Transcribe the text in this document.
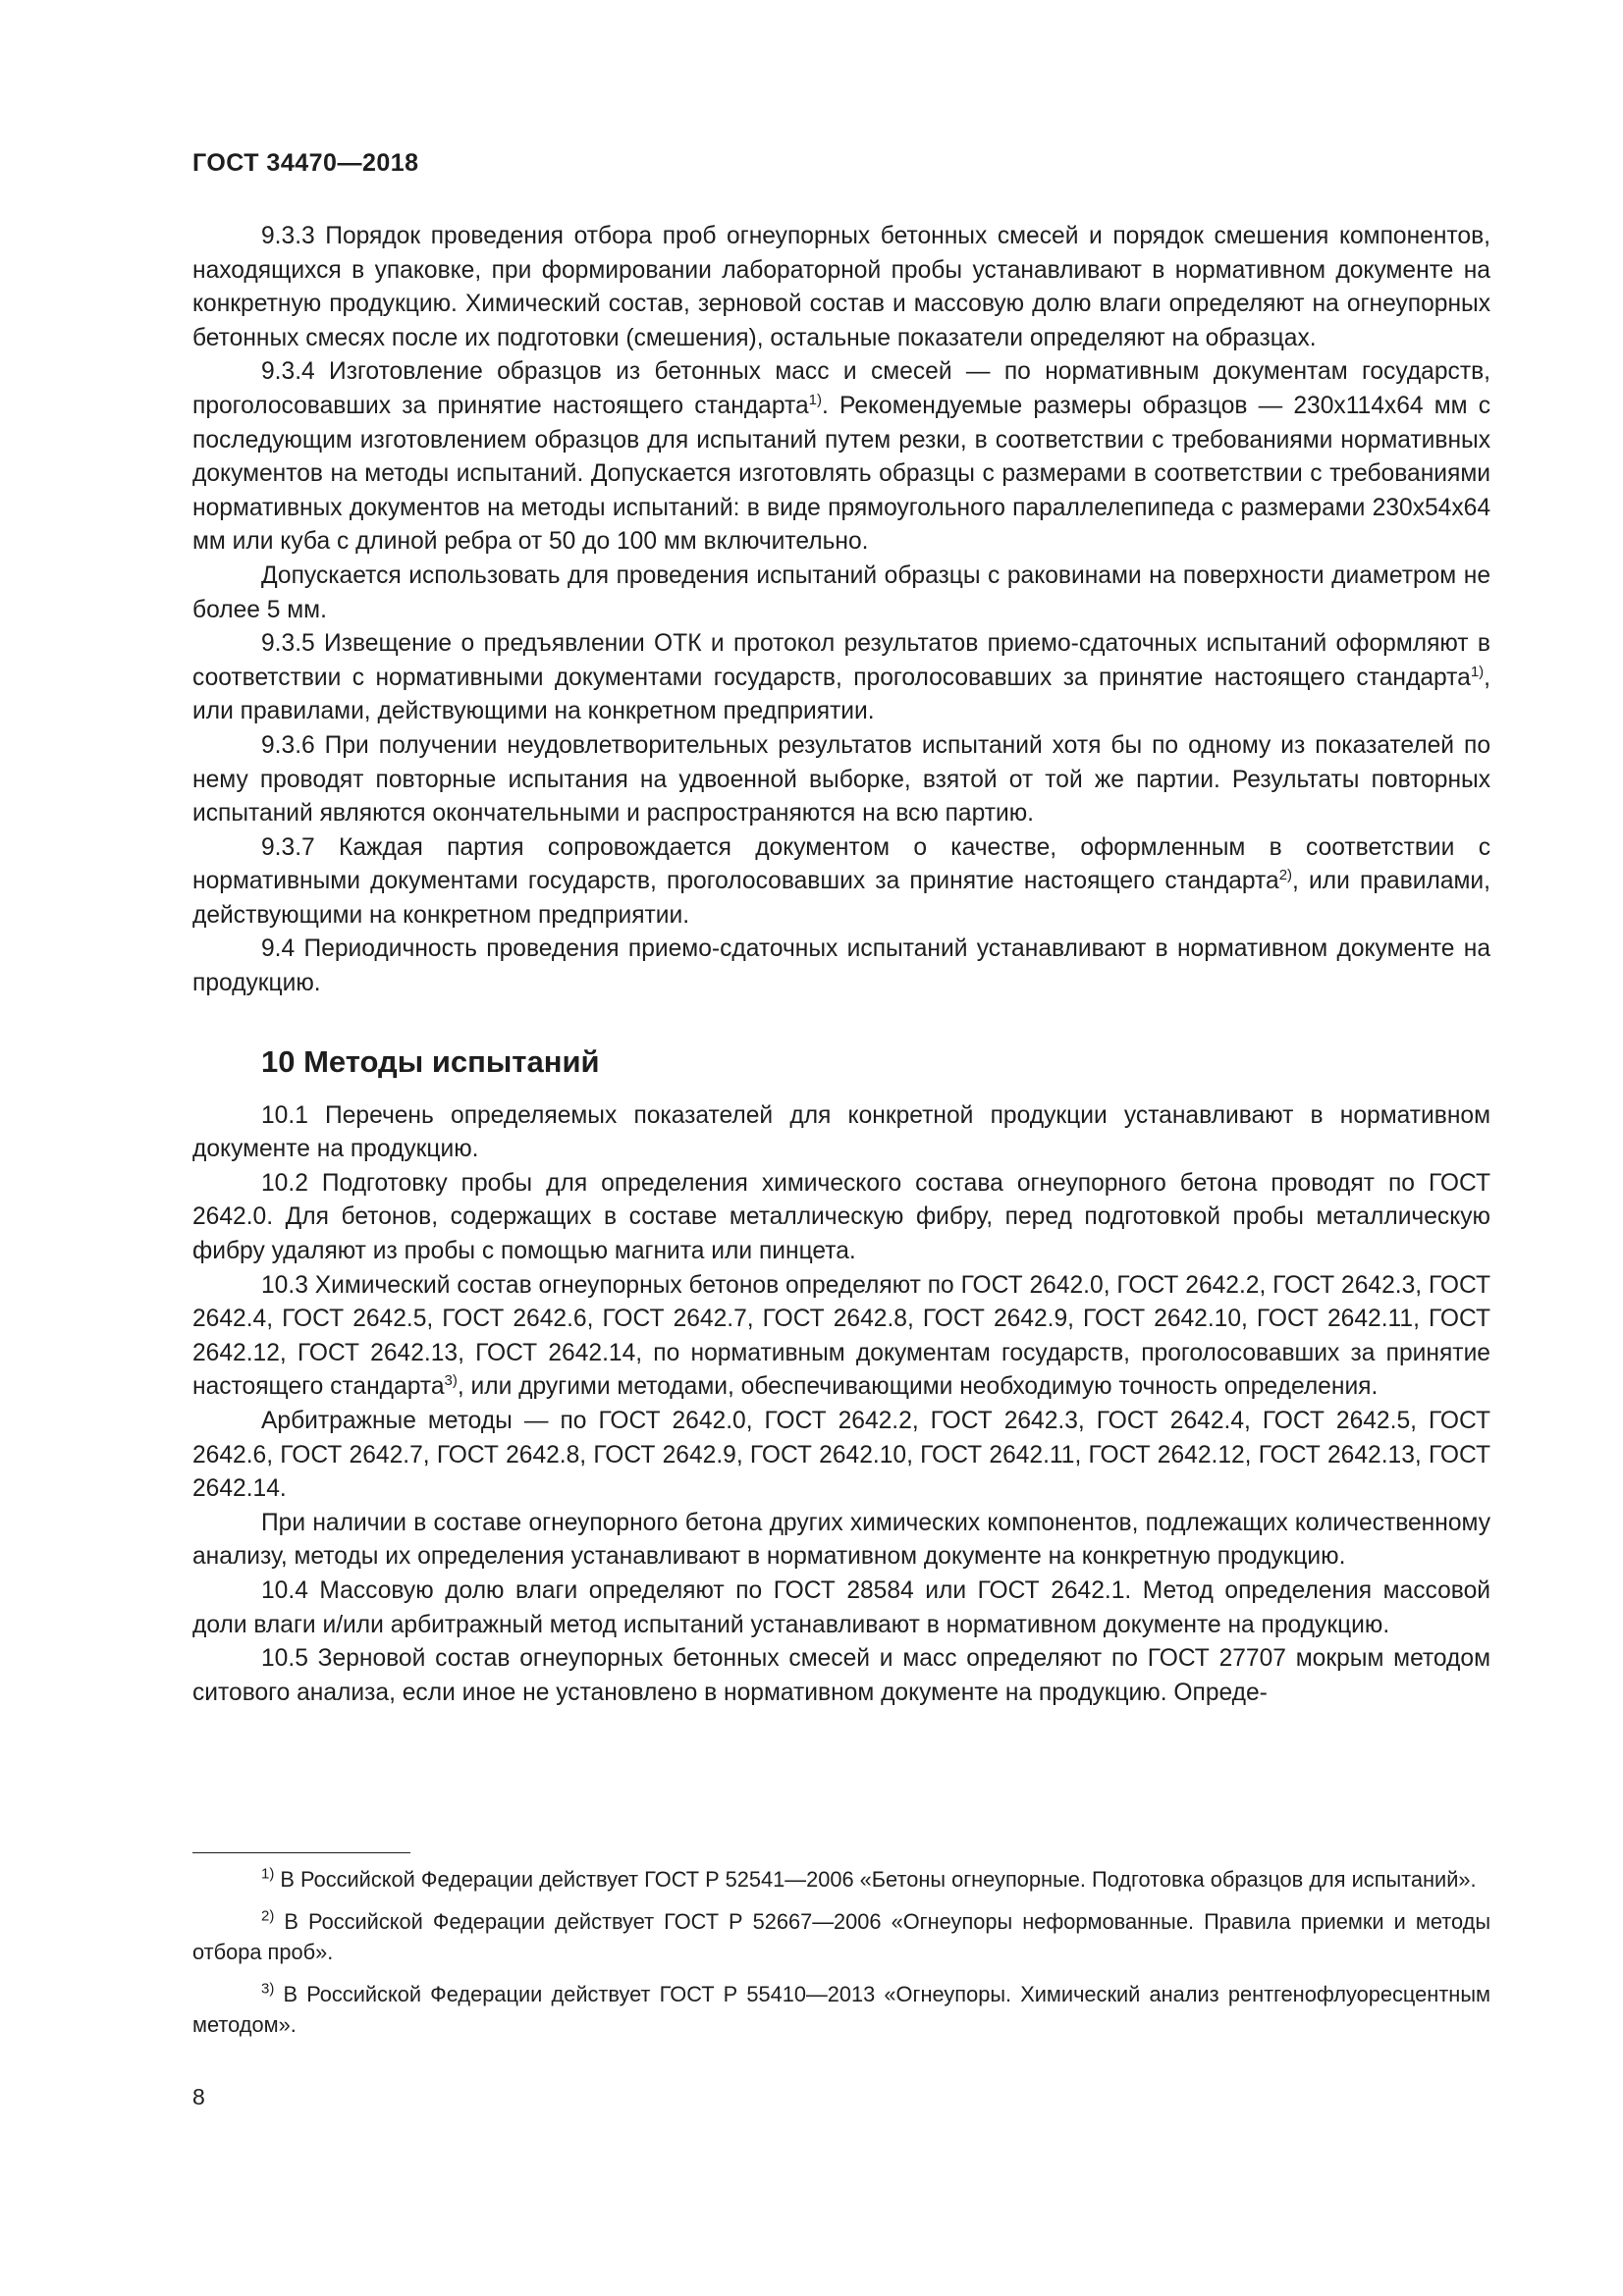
ГОСТ 34470—2018

9.3.3 Порядок проведения отбора проб огнеупорных бетонных смесей и порядок смешения компонентов, находящихся в упаковке, при формировании лабораторной пробы устанавливают в нормативном документе на конкретную продукцию. Химический состав, зерновой состав и массовую долю влаги определяют на огнеупорных бетонных смесях после их подготовки (смешения), остальные показатели определяют на образцах.

9.3.4 Изготовление образцов из бетонных масс и смесей — по нормативным документам государств, проголосовавших за принятие настоящего стандарта$^{1)}$. Рекомендуемые размеры образцов — 230x114x64 мм с последующим изготовлением образцов для испытаний путем резки, в соответствии с требованиями нормативных документов на методы испытаний. Допускается изготовлять образцы с размерами в соответствии с требованиями нормативных документов на методы испытаний: в виде прямоугольного параллелепипеда с размерами 230x54x64 мм или куба с длиной ребра от 50 до 100 мм включительно.

Допускается использовать для проведения испытаний образцы с раковинами на поверхности диаметром не более 5 мм.

9.3.5 Извещение о предъявлении ОТК и протокол результатов приемо-сдаточных испытаний оформляют в соответствии с нормативными документами государств, проголосовавших за принятие настоящего стандарта$^{1)}$, или правилами, действующими на конкретном предприятии.

9.3.6 При получении неудовлетворительных результатов испытаний хотя бы по одному из показателей по нему проводят повторные испытания на удвоенной выборке, взятой от той же партии. Результаты повторных испытаний являются окончательными и распространяются на всю партию.

9.3.7 Каждая партия сопровождается документом о качестве, оформленным в соответствии с нормативными документами государств, проголосовавших за принятие настоящего стандарта$^{2)}$, или правилами, действующими на конкретном предприятии.

9.4 Периодичность проведения приемо-сдаточных испытаний устанавливают в нормативном документе на продукцию.

10 Методы испытаний

10.1 Перечень определяемых показателей для конкретной продукции устанавливают в нормативном документе на продукцию.

10.2 Подготовку пробы для определения химического состава огнеупорного бетона проводят по ГОСТ 2642.0. Для бетонов, содержащих в составе металлическую фибру, перед подготовкой пробы металлическую фибру удаляют из пробы с помощью магнита или пинцета.

10.3 Химический состав огнеупорных бетонов определяют по ГОСТ 2642.0, ГОСТ 2642.2, ГОСТ 2642.3, ГОСТ 2642.4, ГОСТ 2642.5, ГОСТ 2642.6, ГОСТ 2642.7, ГОСТ 2642.8, ГОСТ 2642.9, ГОСТ 2642.10, ГОСТ 2642.11, ГОСТ 2642.12, ГОСТ 2642.13, ГОСТ 2642.14, по нормативным документам государств, проголосовавших за принятие настоящего стандарта$^{3)}$, или другими методами, обеспечивающими необходимую точность определения.

Арбитражные методы — по ГОСТ 2642.0, ГОСТ 2642.2, ГОСТ 2642.3, ГОСТ 2642.4, ГОСТ 2642.5, ГОСТ 2642.6, ГОСТ 2642.7, ГОСТ 2642.8, ГОСТ 2642.9, ГОСТ 2642.10, ГОСТ 2642.11, ГОСТ 2642.12, ГОСТ 2642.13, ГОСТ 2642.14.

При наличии в составе огнеупорного бетона других химических компонентов, подлежащих количественному анализу, методы их определения устанавливают в нормативном документе на конкретную продукцию.

10.4 Массовую долю влаги определяют по ГОСТ 28584 или ГОСТ 2642.1. Метод определения массовой доли влаги и/или арбитражный метод испытаний устанавливают в нормативном документе на продукцию.

10.5 Зерновой состав огнеупорных бетонных смесей и масс определяют по ГОСТ 27707 мокрым методом ситового анализа, если иное не установлено в нормативном документе на продукцию. Опреде-

$^{1)}$ В Российской Федерации действует ГОСТ Р 52541—2006 «Бетоны огнеупорные. Подготовка образцов для испытаний».

$^{2)}$ В Российской Федерации действует ГОСТ Р 52667—2006 «Огнеупоры неформованные. Правила приемки и методы отбора проб».

$^{3)}$ В Российской Федерации действует ГОСТ Р 55410—2013 «Огнеупоры. Химический анализ рентгенофлуоресцентным методом».

8
